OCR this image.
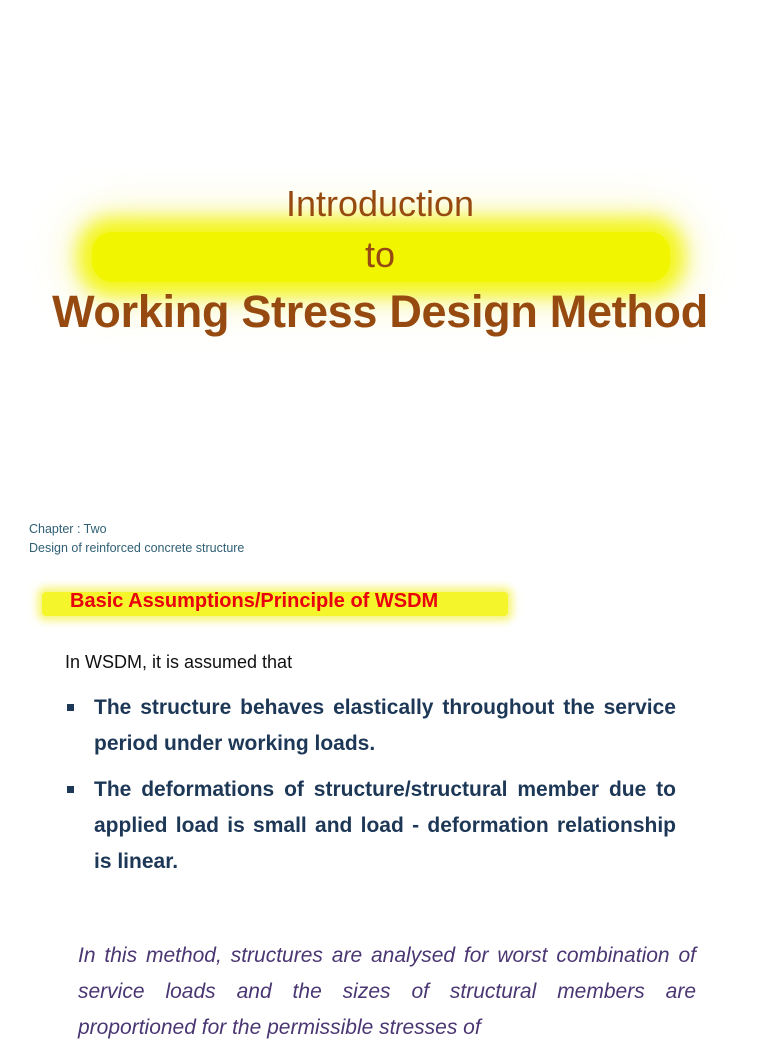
Introduction
to
Working Stress Design Method
Chapter : Two
Design of reinforced concrete structure
Basic Assumptions/Principle of WSDM
In WSDM, it is assumed that
The structure behaves elastically throughout the service period under working loads.
The deformations of structure/structural member due to applied load is small and load - deformation relationship is linear.
In this method, structures are analysed for worst combination of service loads and the sizes of structural members are proportioned for the permissible stresses of
